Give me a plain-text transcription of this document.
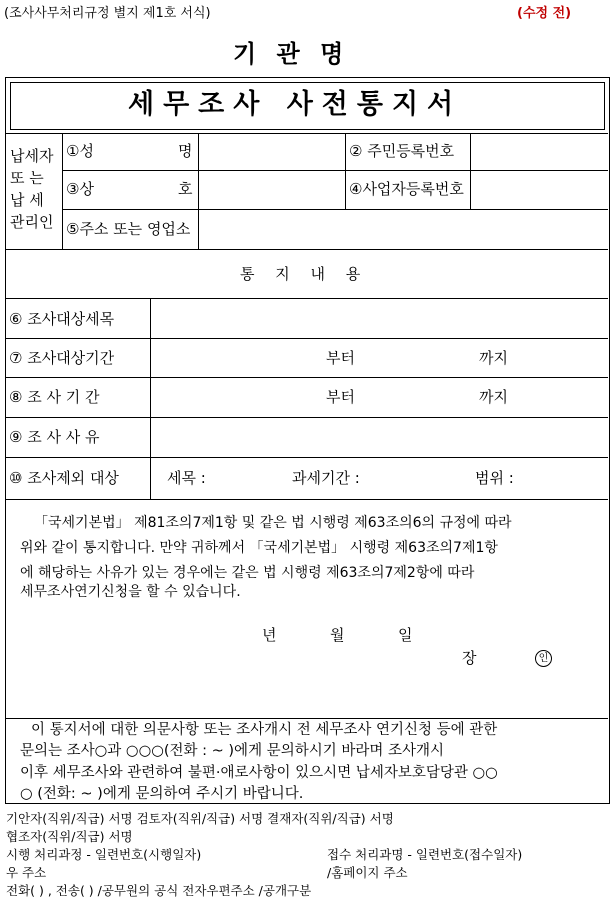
(조사사무처리규정 별지 제1호 서식)	(수정 전)
기 관 명
세무조사 사전통지서
납세자
또 는
납 세
관리인
①성	명	② 주민등록번호
③상	호	④사업자등록번호
⑤주소 또는 영업소
통 지 내 용
⑥ 조사대상세목
⑦ 조사대상기간	부터	까지
⑧ 조 사 기 간	부터	까지
⑨ 조 사 사 유
⑩ 조사제외 대상	세목 :	과세기간 :	범위 :
「국세기본법」 제81조의7제1항 및 같은 법 시행령 제63조의6의 규정에 따라
위와 같이 통지합니다. 만약 귀하께서 「국세기본법」 시행령 제63조의7제1항
에 해당하는 사유가 있는 경우에는 같은 법 시행령 제63조의7제2항에 따라
세무조사연기신청을 할 수 있습니다.
년	월	일
장	인
이 통지서에 대한 의문사항 또는 조사개시 전 세무조사 연기신청 등에 관한
문의는 조사○과 ○○○(전화 : ~ )에게 문의하시기 바라며 조사개시
이후 세무조사와 관련하여 불편·애로사항이 있으시면 납세자보호담당관 ○○
○ (전화: ~ )에게 문의하여 주시기 바랍니다.
기안자(직위/직급) 서명 검토자(직위/직급) 서명 결재자(직위/직급) 서명
협조자(직위/직급) 서명
시행 처리과정 - 일련번호(시행일자)	접수 처리과명 - 일련번호(접수일자)
우 주소	/홈페이지 주소
전화( ) , 전송( ) /공무원의 공식 전자우편주소 /공개구분
